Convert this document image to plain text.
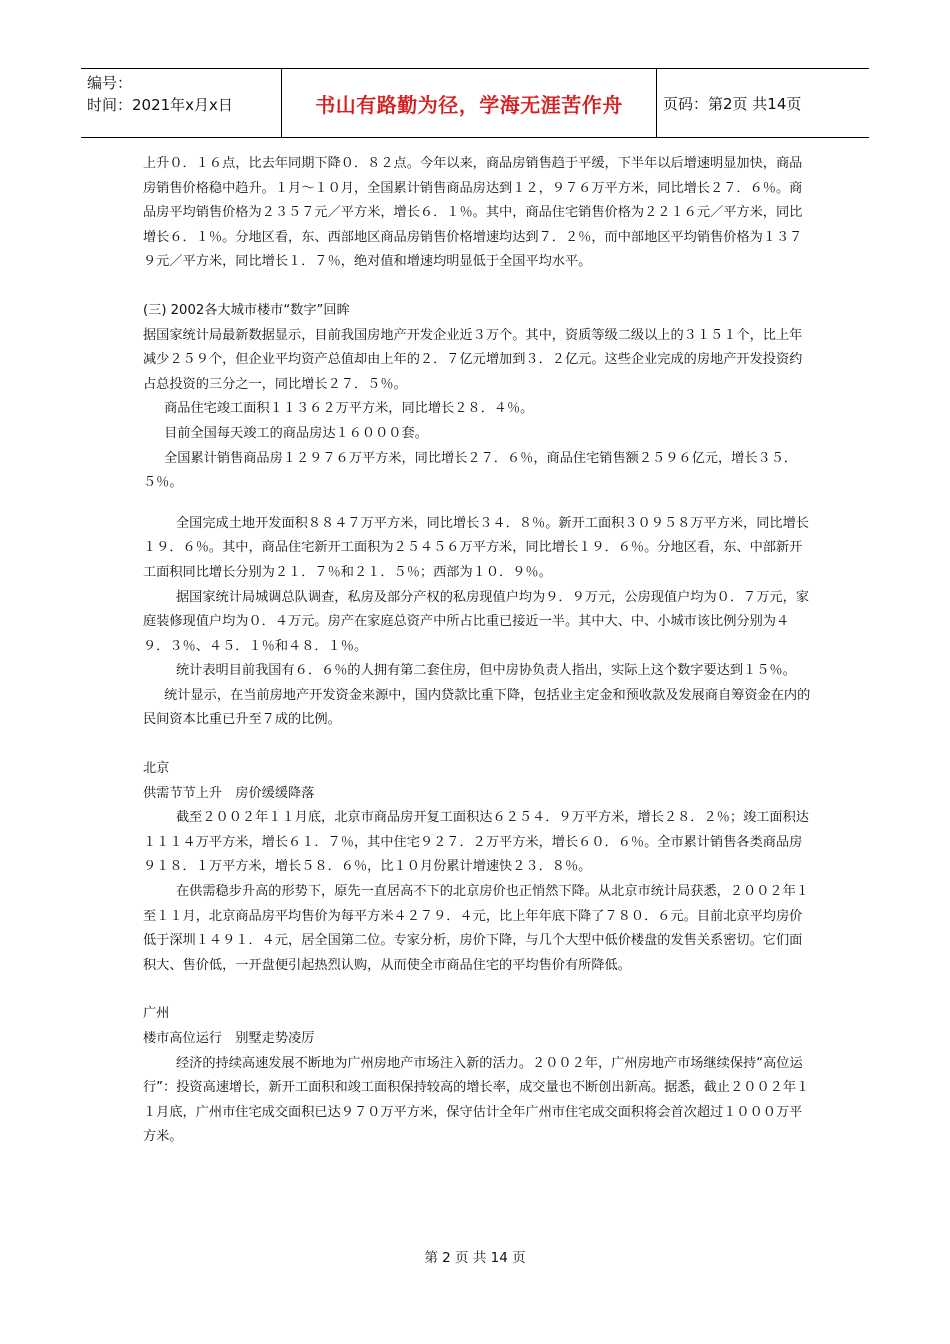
编号：
时间：2021年x月x日	书山有路勤为径，学海无涯苦作舟	页码：第2页 共14页

上升０．１６点，比去年同期下降０．８２点。今年以来，商品房销售趋于平缓，下半年以后增速明显加快，商品房销售价格稳中趋升。１月～１０月，全国累计销售商品房达到１２，９７６万平方米，同比增长２７．６％。商品房平均销售价格为２３５７元／平方米，增长６．１％。其中，商品住宅销售价格为２２１６元／平方米，同比增长６．１％。分地区看，东、西部地区商品房销售价格增速均达到７．２％，而中部地区平均销售价格为１３７９元／平方米，同比增长１．７％，绝对值和增速均明显低于全国平均水平。

(三) 2002各大城市楼市“数字”回眸

据国家统计局最新数据显示，目前我国房地产开发企业近３万个。其中，资质等级二级以上的３１５１个，比上年减少２５９个，但企业平均资产总值却由上年的２．７亿元增加到３．２亿元。这些企业完成的房地产开发投资约占总投资的三分之一，同比增长２７．５％。

商品住宅竣工面积１１３６２万平方米，同比增长２８．４％。

目前全国每天竣工的商品房达１６０００套。

全国累计销售商品房１２９７６万平方米，同比增长２７．６％，商品住宅销售额２５９６亿元，增长３５．５％。

全国完成土地开发面积８８４７万平方米，同比增长３４．８％。新开工面积３０９５８万平方米，同比增长１９．６％。其中，商品住宅新开工面积为２５４５６万平方米，同比增长１９．６％。分地区看，东、中部新开工面积同比增长分别为２１．７％和２１．５％；西部为１０．９％。

据国家统计局城调总队调查，私房及部分产权的私房现值户均为９．９万元，公房现值户均为０．７万元，家庭装修现值户均为０．４万元。房产在家庭总资产中所占比重已接近一半。其中大、中、小城市该比例分别为４９．３％、４５．１％和４８．１％。

统计表明目前我国有６．６％的人拥有第二套住房，但中房协负责人指出，实际上这个数字要达到１５％。

统计显示，在当前房地产开发资金来源中，国内贷款比重下降，包括业主定金和预收款及发展商自筹资金在内的民间资本比重已升至７成的比例。

北京

供需节节上升　房价缓缓降落

截至２００２年１１月底，北京市商品房开复工面积达６２５４．９万平方米，增长２８．２％；竣工面积达１１１４万平方米，增长６１．７％，其中住宅９２７．２万平方米，增长６０．６％。全市累计销售各类商品房９１８．１万平方米，增长５８．６％，比１０月份累计增速快２３．８％。

在供需稳步升高的形势下，原先一直居高不下的北京房价也正悄然下降。从北京市统计局获悉，２００２年１至１１月，北京商品房平均售价为每平方米４２７９．４元，比上年年底下降了７８０．６元。目前北京平均房价低于深圳１４９１．４元，居全国第二位。专家分析，房价下降，与几个大型中低价楼盘的发售关系密切。它们面积大、售价低，一开盘便引起热烈认购，从而使全市商品住宅的平均售价有所降低。

广州

楼市高位运行　别墅走势凌厉

经济的持续高速发展不断地为广州房地产市场注入新的活力。２００２年，广州房地产市场继续保持“高位运行”：投资高速增长，新开工面积和竣工面积保持较高的增长率，成交量也不断创出新高。据悉，截止２００２年１１月底，广州市住宅成交面积已达９７０万平方米，保守估计全年广州市住宅成交面积将会首次超过１０００万平方米。

第 2 页 共 14 页
